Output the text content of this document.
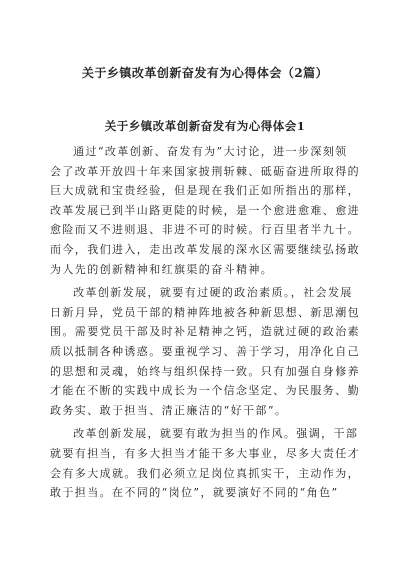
关于乡镇改革创新奋发有为心得体会（2篇）
关于乡镇改革创新奋发有为心得体会1

通过“改革创新、奋发有为”大讨论，进一步深刻领
会了改革开放四十年来国家披荆斩棘、砥砺奋进所取得的
巨大成就和宝贵经验，但是现在我们正如所指出的那样，
改革发展已到半山路更陡的时候，是一个愈进愈难、愈进
愈险而又不进则退、非进不可的时候。行百里者半九十。
而今，我们进入，走出改革发展的深水区需要继续弘扬敢
为人先的创新精神和红旗渠的奋斗精神。

改革创新发展，就要有过硬的政治素质。，社会发展
日新月异，党员干部的精神阵地被各种新思想、新思潮包
围。需要党员干部及时补足精神之钙，造就过硬的政治素
质以抵制各种诱惑。要重视学习、善于学习，用净化自己
的思想和灵魂，始终与组织保持一致。只有加强自身修养
才能在不断的实践中成长为一个信念坚定、为民服务、勤
政务实、敢于担当、清正廉洁的“好干部”。

改革创新发展，就要有敢为担当的作风。强调，干部
就要有担当，有多大担当才能干多大事业，尽多大责任才
会有多大成就。我们必须立足岗位真抓实干，主动作为，
敢于担当。在不同的“岗位”，就要演好不同的“角色”
